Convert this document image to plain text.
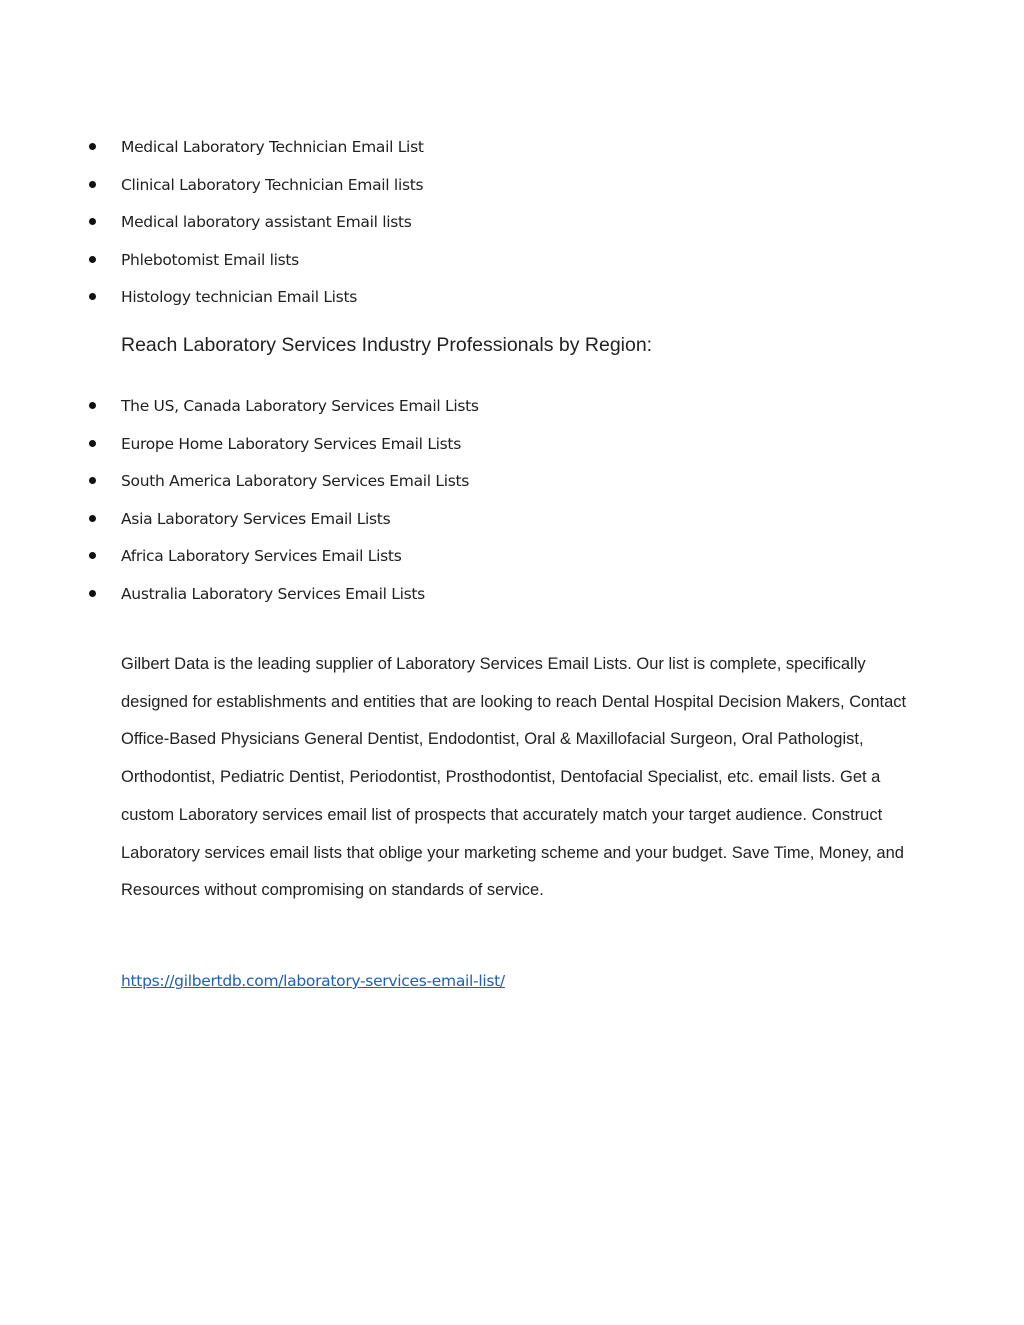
Medical Laboratory Technician Email List
Clinical Laboratory Technician Email lists
Medical laboratory assistant Email lists
Phlebotomist Email lists
Histology technician Email Lists
Reach Laboratory Services Industry Professionals by Region:
The US, Canada Laboratory Services Email Lists
Europe Home Laboratory Services Email Lists
South America Laboratory Services Email Lists
Asia Laboratory Services Email Lists
Africa Laboratory Services Email Lists
Australia Laboratory Services Email Lists

Gilbert Data is the leading supplier of Laboratory Services Email Lists. Our list is complete, specifically designed for establishments and entities that are looking to reach Dental Hospital Decision Makers, Contact Office-Based Physicians General Dentist, Endodontist, Oral & Maxillofacial Surgeon, Oral Pathologist, Orthodontist, Pediatric Dentist, Periodontist, Prosthodontist, Dentofacial Specialist, etc. email lists. Get a custom Laboratory services email list of prospects that accurately match your target audience. Construct Laboratory services email lists that oblige your marketing scheme and your budget. Save Time, Money, and Resources without compromising on standards of service.

https://gilbertdb.com/laboratory-services-email-list/
